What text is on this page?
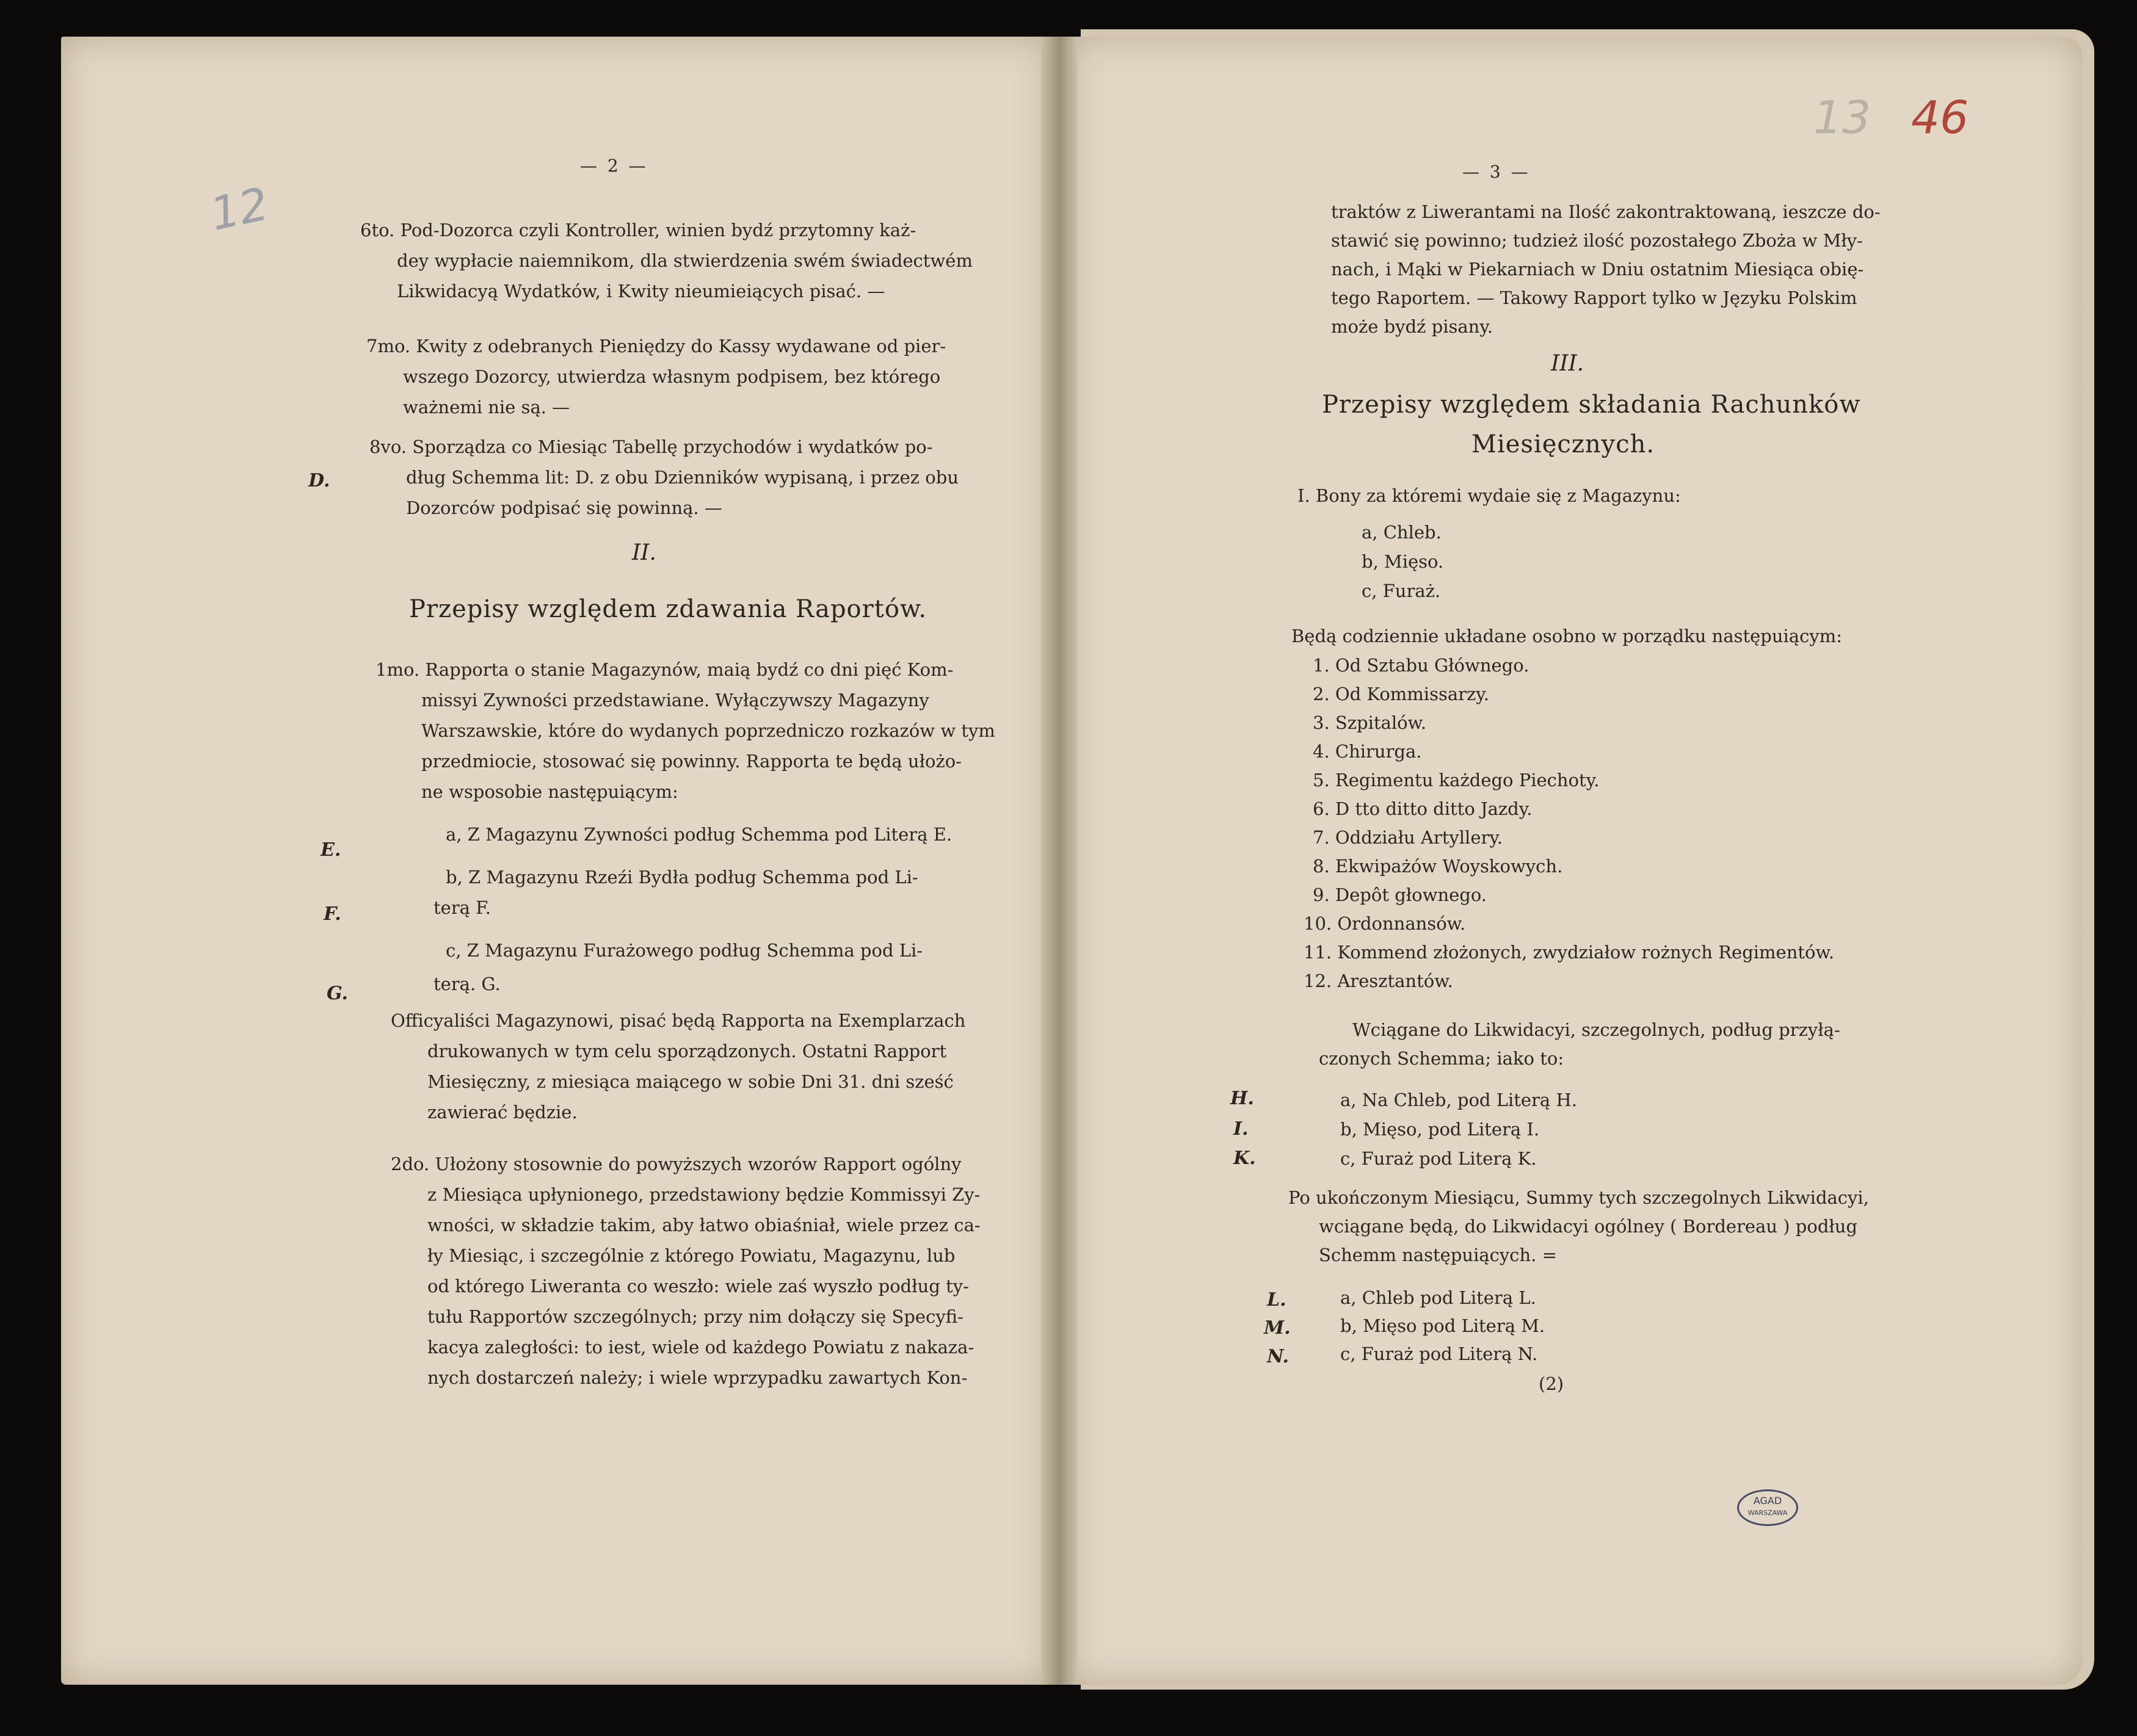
12
13 46
— 2 —
6to. Pod-Dozorca czyli Kontroller, winien bydź przytomny każ-
dey wypłacie naiemnikom, dla stwierdzenia swém świadectwém
Likwidacyą Wydatków, i Kwity nieumieiących pisać. —
7mo. Kwity z odebranych Pieniędzy do Kassy wydawane od pier-
wszego Dozorcy, utwierdza własnym podpisem, bez którego
ważnemi nie są. —
8vo. Sporządza co Miesiąc Tabellę przychodów i wydatków po-
D.	dług Schemma lit: D. z obu Dzienników wypisaną, i przez obu
Dozorców podpisać się powinną. —
II.
Przepisy względem zdawania Raportów.
1mo. Rapporta o stanie Magazynów, maią bydź co dni pięć Kom-
missyi Zywności przedstawiane. Wyłączywszy Magazyny
Warszawskie, które do wydanych poprzedniczo rozkazów w tym
przedmiocie, stosować się powinny. Rapporta te będą ułożo-
ne wsposobie następuiącym:
a, Z Magazynu Zywności podług Schemma pod Literą E.
E.
b, Z Magazynu Rzeźi Bydła podług Schemma pod Li-
F.	terą F.
c, Z Magazynu Furażowego podług Schemma pod Li-
G.	terą. G.
Officyaliści Magazynowi, pisać będą Rapporta na Exemplarzach
drukowanych w tym celu sporządzonych. Ostatni Rapport
Miesięczny, z miesiąca maiącego w sobie Dni 31. dni sześć
zawierać będzie.
2do. Ułożony stosownie do powyższych wzorów Rapport ogólny
z Miesiąca upłynionego, przedstawiony będzie Kommissyi Zy-
wności, w składzie takim, aby łatwo obiaśniał, wiele przez ca-
ły Miesiąc, i szczególnie z którego Powiatu, Magazynu, lub
od którego Liweranta co weszło: wiele zaś wyszło podług ty-
tułu Rapportów szczególnych; przy nim dołączy się Specyfi-
kacya zaległości: to iest, wiele od każdego Powiatu z nakaza-
nych dostarczeń należy; i wiele wprzypadku zawartych Kon-
— 3 —
traktów z Liwerantami na Ilość zakontraktowaną, ieszcze do-
stawić się powinno; tudzież ilość pozostałego Zboża w Mły-
nach, i Mąki w Piekarniach w Dniu ostatnim Miesiąca obię-
tego Raportem. — Takowy Rapport tylko w Języku Polskim
może bydź pisany.
III.
Przepisy względem składania Rachunków
Miesięcznych.
I. Bony za któremi wydaie się z Magazynu:
a, Chleb.
b, Mięso.
c, Furaż.
Będą codziennie układane osobno w porządku następuiącym:
1. Od Sztabu Głównego.
2. Od Kommissarzy.
3. Szpitalów.
4. Chirurga.
5. Regimentu każdego Piechoty.
6. D tto ditto ditto Jazdy.
7. Oddziału Artyllery.
8. Ekwipażów Woyskowych.
9. Depôt głownego.
10. Ordonnansów.
11. Kommend złożonych, zwydziałow rożnych Regimentów.
12. Aresztantów.
Wciągane do Likwidacyi, szczegolnych, podług przyłą-
czonych Schemma; iako to:
H.	a, Na Chleb, pod Literą H.
I.	b, Mięso, pod Literą I.
K.	c, Furaż pod Literą K.
Po ukończonym Miesiącu, Summy tych szczegolnych Likwidacyi,
wciągane będą, do Likwidacyi ogólney ( Bordereau ) podług
Schemm następuiących. =
L.	a, Chleb pod Literą L.
M.	b, Mięso pod Literą M.
N.	c, Furaż pod Literą N.
(2)
AGAD
WARSZAWA
